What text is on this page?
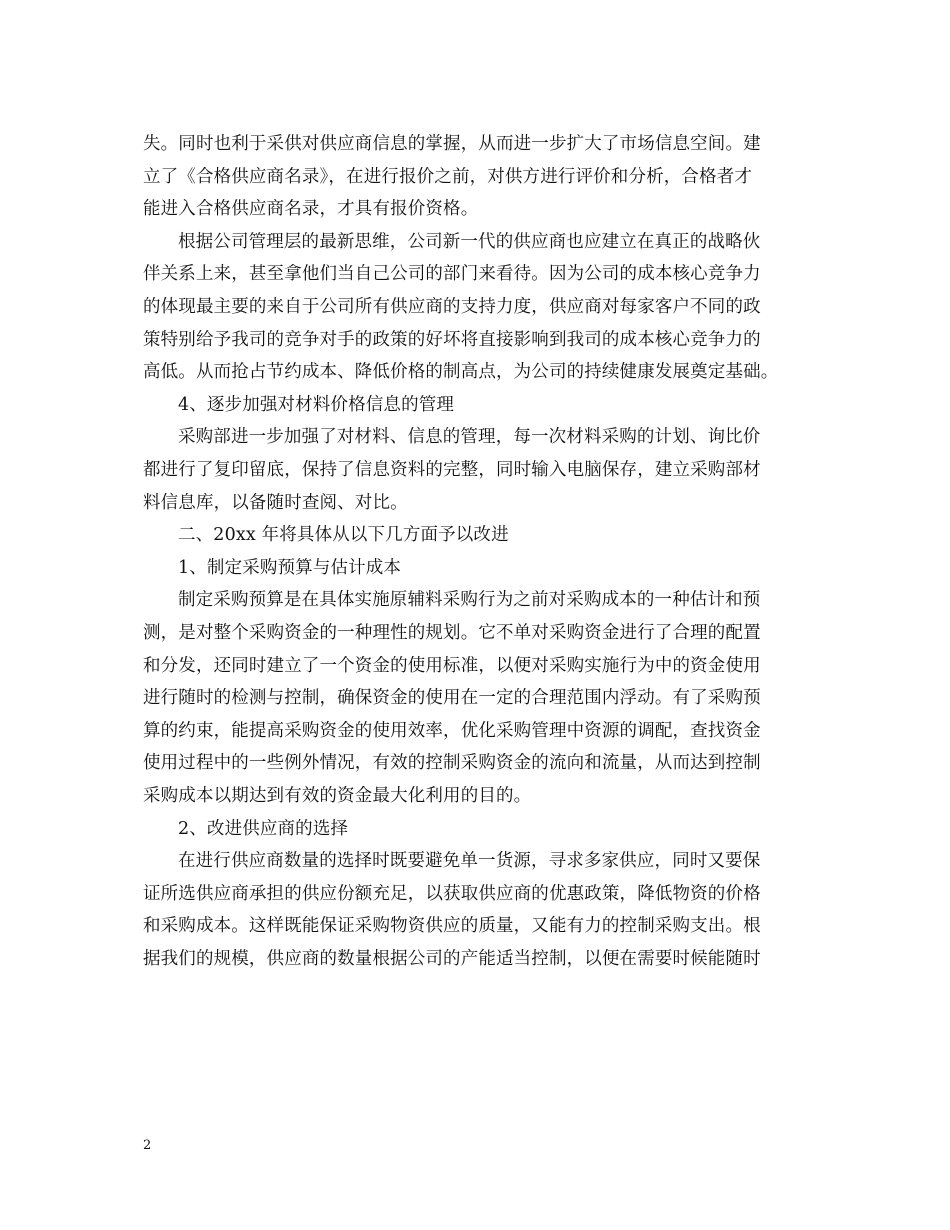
失。同时也利于采供对供应商信息的掌握，从而进一步扩大了市场信息空间。建
立了《合格供应商名录》，在进行报价之前，对供方进行评价和分析，合格者才
能进入合格供应商名录，才具有报价资格。
根据公司管理层的最新思维，公司新一代的供应商也应建立在真正的战略伙
伴关系上来，甚至拿他们当自己公司的部门来看待。因为公司的成本核心竞争力
的体现最主要的来自于公司所有供应商的支持力度，供应商对每家客户不同的政
策特别给予我司的竞争对手的政策的好坏将直接影响到我司的成本核心竞争力的
高低。从而抢占节约成本、降低价格的制高点，为公司的持续健康发展奠定基础。
4、逐步加强对材料价格信息的管理
采购部进一步加强了对材料、信息的管理，每一次材料采购的计划、询比价
都进行了复印留底，保持了信息资料的完整，同时输入电脑保存，建立采购部材
料信息库，以备随时查阅、对比。
二、20xx 年将具体从以下几方面予以改进
1、制定采购预算与估计成本
制定采购预算是在具体实施原辅料采购行为之前对采购成本的一种估计和预
测，是对整个采购资金的一种理性的规划。它不单对采购资金进行了合理的配置
和分发，还同时建立了一个资金的使用标准，以便对采购实施行为中的资金使用
进行随时的检测与控制，确保资金的使用在一定的合理范围内浮动。有了采购预
算的约束，能提高采购资金的使用效率，优化采购管理中资源的调配，查找资金
使用过程中的一些例外情况，有效的控制采购资金的流向和流量，从而达到控制
采购成本以期达到有效的资金最大化利用的目的。
2、改进供应商的选择
在进行供应商数量的选择时既要避免单一货源，寻求多家供应，同时又要保
证所选供应商承担的供应份额充足，以获取供应商的优惠政策，降低物资的价格
和采购成本。这样既能保证采购物资供应的质量，又能有力的控制采购支出。根
据我们的规模，供应商的数量根据公司的产能适当控制，以便在需要时候能随时
2
